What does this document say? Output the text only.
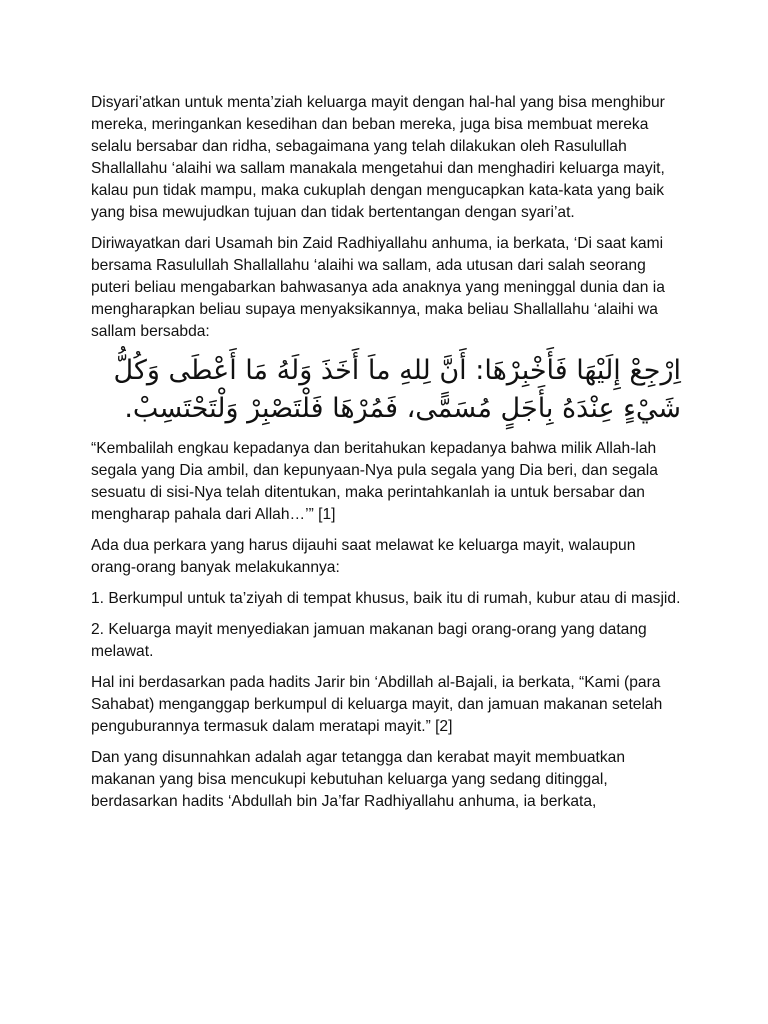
Disyari’atkan untuk menta’ziah keluarga mayit dengan hal-hal yang bisa menghibur mereka, meringankan kesedihan dan beban mereka, juga bisa membuat mereka selalu bersabar dan ridha, sebagaimana yang telah dilakukan oleh Rasulullah Shallallahu ‘alaihi wa sallam manakala mengetahui dan menghadiri keluarga mayit, kalau pun tidak mampu, maka cukuplah dengan mengucapkan kata-kata yang baik yang bisa mewujudkan tujuan dan tidak bertentangan dengan syari’at.

Diriwayatkan dari Usamah bin Zaid Radhiyallahu anhuma, ia berkata, ‘Di saat kami bersama Rasulullah Shallallahu ‘alaihi wa sallam, ada utusan dari salah seorang puteri beliau mengabarkan bahwasanya ada anaknya yang meninggal dunia dan ia mengharapkan beliau supaya menyaksikannya, maka beliau Shallallahu ‘alaihi wa sallam bersabda:

اِرْجِعْ إِلَيْهَا فَأَخْبِرْهَا: أَنَّ لِلهِ ماَ أَخَذَ وَلَهُ مَا أَعْطَى وَكُلُّ شَيْءٍ عِنْدَهُ بِأَجَلٍ مُسَمًّى، فَمُرْهَا فَلْتَصْبِرْ وَلْتَحْتَسِبْ.

“Kembalilah engkau kepadanya dan beritahukan kepadanya bahwa milik Allah-lah segala yang Dia ambil, dan kepunyaan-Nya pula segala yang Dia beri, dan segala sesuatu di sisi-Nya telah ditentukan, maka perintahkanlah ia untuk bersabar dan mengharap pahala dari Allah…’” [1]

Ada dua perkara yang harus dijauhi saat melawat ke keluarga mayit, walaupun orang-orang banyak melakukannya:

1. Berkumpul untuk ta’ziyah di tempat khusus, baik itu di rumah, kubur atau di masjid.

2. Keluarga mayit menyediakan jamuan makanan bagi orang-orang yang datang melawat.

Hal ini berdasarkan pada hadits Jarir bin ‘Abdillah al-Bajali, ia berkata, “Kami (para Sahabat) menganggap berkumpul di keluarga mayit, dan jamuan makanan setelah penguburannya termasuk dalam meratapi mayit.” [2]

Dan yang disunnahkan adalah agar tetangga dan kerabat mayit membuatkan makanan yang bisa mencukupi kebutuhan keluarga yang sedang ditinggal, berdasarkan hadits ‘Abdullah bin Ja’far Radhiyallahu anhuma, ia berkata,
